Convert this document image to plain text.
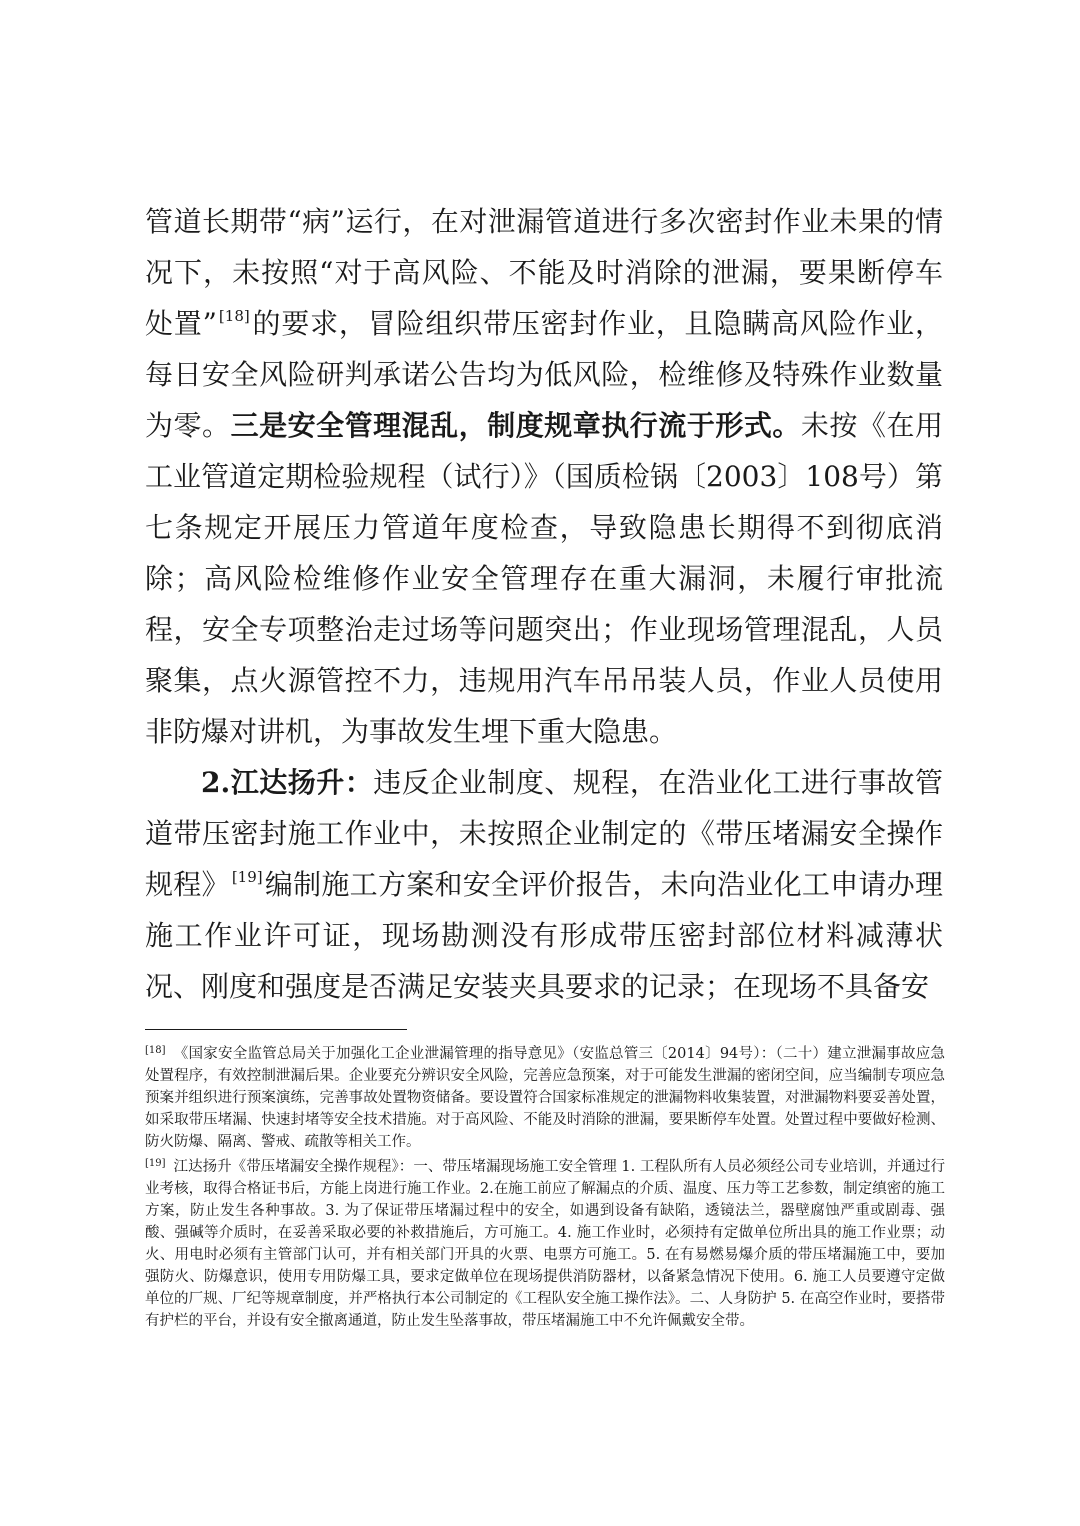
管道长期带“病”运行，在对泄漏管道进行多次密封作业未果的情况下，未按照“对于高风险、不能及时消除的泄漏，要果断停车处置” [18]的要求，冒险组织带压密封作业，且隐瞒高风险作业，每日安全风险研判承诺公告均为低风险，检维修及特殊作业数量为零。三是安全管理混乱，制度规章执行流于形式。未按《在用工业管道定期检验规程（试行）》（国质检锅〔2003〕108号）第七条规定开展压力管道年度检查，导致隐患长期得不到彻底消除；高风险检维修作业安全管理存在重大漏洞，未履行审批流程，安全专项整治走过场等问题突出；作业现场管理混乱，人员聚集，点火源管控不力，违规用汽车吊吊装人员，作业人员使用非防爆对讲机，为事故发生埋下重大隐患。

2.江达扬升：违反企业制度、规程，在浩业化工进行事故管道带压密封施工作业中，未按照企业制定的《带压堵漏安全操作规程》 [19]编制施工方案和安全评价报告，未向浩业化工申请办理施工作业许可证，现场勘测没有形成带压密封部位材料减薄状况、刚度和强度是否满足安装夹具要求的记录；在现场不具备安

[18] 《国家安全监管总局关于加强化工企业泄漏管理的指导意见》（安监总管三〔2014〕94号）：（二十）建立泄漏事故应急处置程序，有效控制泄漏后果。企业要充分辨识安全风险，完善应急预案，对于可能发生泄漏的密闭空间，应当编制专项应急预案并组织进行预案演练，完善事故处置物资储备。要设置符合国家标准规定的泄漏物料收集装置，对泄漏物料要妥善处置，如采取带压堵漏、快速封堵等安全技术措施。对于高风险、不能及时消除的泄漏，要果断停车处置。处置过程中要做好检测、防火防爆、隔离、警戒、疏散等相关工作。

[19] 江达扬升《带压堵漏安全操作规程》：一、带压堵漏现场施工安全管理 1. 工程队所有人员必须经公司专业培训，并通过行业考核，取得合格证书后，方能上岗进行施工作业。2.在施工前应了解漏点的介质、温度、压力等工艺参数，制定缜密的施工方案，防止发生各种事故。3. 为了保证带压堵漏过程中的安全，如遇到设备有缺陷，透镜法兰，器壁腐蚀严重或剧毒、强酸、强碱等介质时，在妥善采取必要的补救措施后，方可施工。4. 施工作业时，必须持有定做单位所出具的施工作业票；动火、用电时必须有主管部门认可，并有相关部门开具的火票、电票方可施工。5. 在有易燃易爆介质的带压堵漏施工中，要加强防火、防爆意识，使用专用防爆工具，要求定做单位在现场提供消防器材，以备紧急情况下使用。6. 施工人员要遵守定做单位的厂规、厂纪等规章制度，并严格执行本公司制定的《工程队安全施工操作法》。二、人身防护 5. 在高空作业时，要搭带有护栏的平台，并设有安全撤离通道，防止发生坠落事故，带压堵漏施工中不允许佩戴安全带。
